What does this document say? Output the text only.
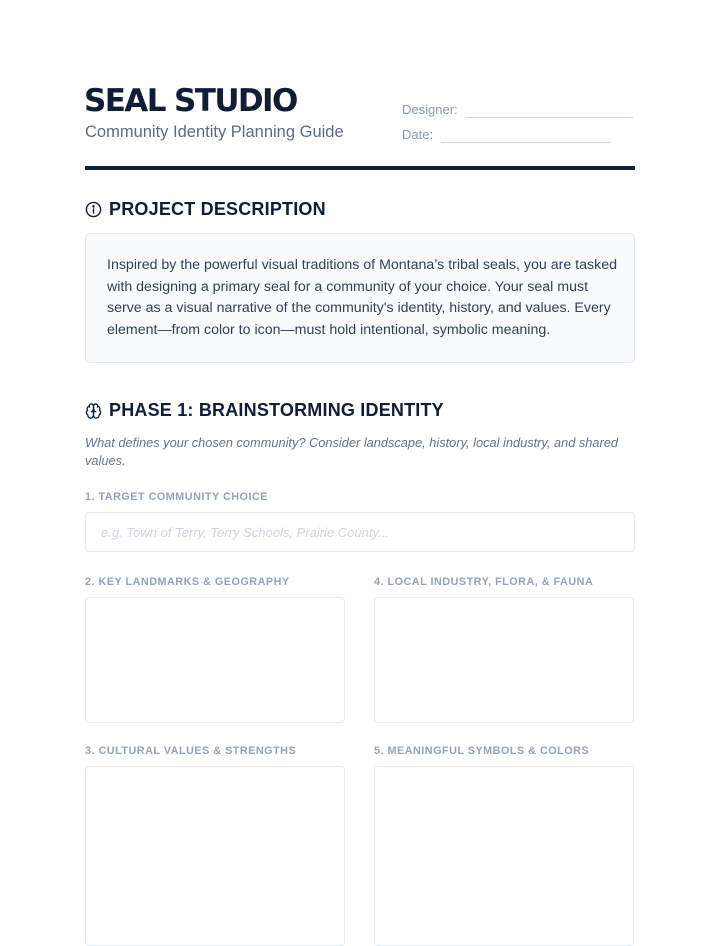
SEAL STUDIO
Community Identity Planning Guide
Designer:
Date:
PROJECT DESCRIPTION
Inspired by the powerful visual traditions of Montana’s tribal seals, you are tasked with designing a primary seal for a community of your choice. Your seal must serve as a visual narrative of the community's identity, history, and values. Every element—from color to icon—must hold intentional, symbolic meaning.
PHASE 1: BRAINSTORMING IDENTITY
What defines your chosen community? Consider landscape, history, local industry, and shared values.
1. TARGET COMMUNITY CHOICE
e.g. Town of Terry, Terry Schools, Prairie County...
2. KEY LANDMARKS & GEOGRAPHY	4. LOCAL INDUSTRY, FLORA, & FAUNA
3. CULTURAL VALUES & STRENGTHS	5. MEANINGFUL SYMBOLS & COLORS
